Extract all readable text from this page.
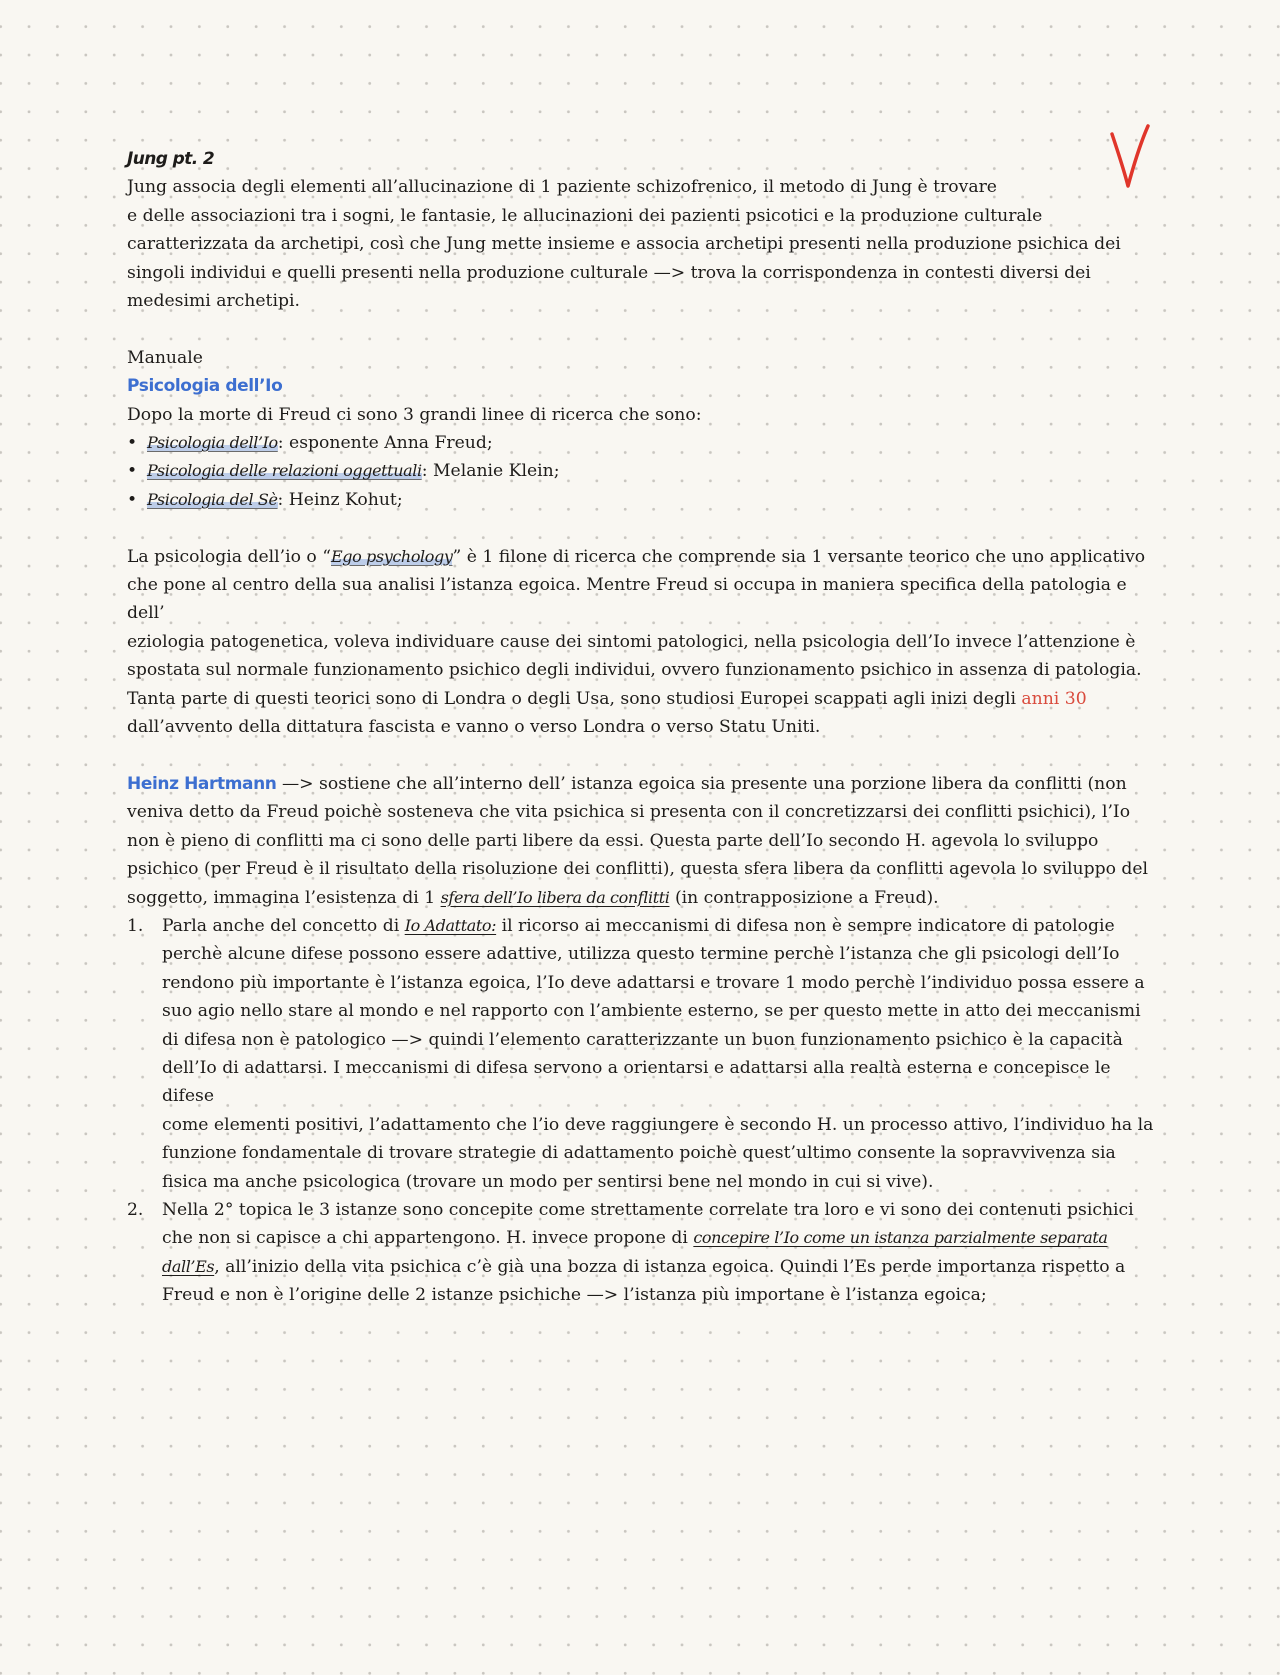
Jung pt. 2

Jung associa degli elementi all’allucinazione di 1 paziente schizofrenico, il metodo di Jung è trovare

e delle associazioni tra i sogni, le fantasie, le allucinazioni dei pazienti psicotici e la produzione culturale

caratterizzata da archetipi, così che Jung mette insieme e associa archetipi presenti nella produzione psichica dei

singoli individui e quelli presenti nella produzione culturale —> trova la corrispondenza in contesti diversi dei

medesimi archetipi.

Manuale

Psicologia dell’Io

Dopo la morte di Freud ci sono 3 grandi linee di ricerca che sono:

• Psicologia dell’Io: esponente Anna Freud;
• Psicologia delle relazioni oggettuali: Melanie Klein;
• Psicologia del Sè: Heinz Kohut;

La psicologia dell’io o “Ego psychology” è 1 filone di ricerca che comprende sia 1 versante teorico che uno applicativo

che pone al centro della sua analisi l’istanza egoica. Mentre Freud si occupa in maniera specifica della patologia e dell’

eziologia patogenetica, voleva individuare cause dei sintomi patologici, nella psicologia dell’Io invece l’attenzione è

spostata sul normale funzionamento psichico degli individui, ovvero funzionamento psichico in assenza di patologia.

Tanta parte di questi teorici sono di Londra o degli Usa, sono studiosi Europei scappati agli inizi degli anni 30

dall’avvento della dittatura fascista e vanno o verso Londra o verso Statu Uniti.

Heinz Hartmann —> sostiene che all’interno dell’ istanza egoica sia presente una porzione libera da conflitti (non

veniva detto da Freud poichè sosteneva che vita psichica si presenta con il concretizzarsi dei conflitti psichici), l’Io

non è pieno di conflitti ma ci sono delle parti libere da essi. Questa parte dell’Io secondo H. agevola lo sviluppo

psichico (per Freud è il risultato della risoluzione dei conflitti), questa sfera libera da conflitti agevola lo sviluppo del

soggetto, immagina l’esistenza di 1 sfera dell’Io libera da conflitti (in contrapposizione a Freud).

1. Parla anche del concetto di Io Adattato: il ricorso ai meccanismi di difesa non è sempre indicatore di patologie

perchè alcune difese possono essere adattive, utilizza questo termine perchè l’istanza che gli psicologi dell’Io

rendono più importante è l’istanza egoica, l’Io deve adattarsi e trovare 1 modo perchè l’individuo possa essere a

suo agio nello stare al mondo e nel rapporto con l’ambiente esterno, se per questo mette in atto dei meccanismi

di difesa non è patologico —> quindi l’elemento caratterizzante un buon funzionamento psichico è la capacità

dell’Io di adattarsi. I meccanismi di difesa servono a orientarsi e adattarsi alla realtà esterna e concepisce le difese

come elementi positivi, l’adattamento che l’io deve raggiungere è secondo H. un processo attivo, l’individuo ha la

funzione fondamentale di trovare strategie di adattamento poichè quest’ultimo consente la sopravvivenza sia

fisica ma anche psicologica (trovare un modo per sentirsi bene nel mondo in cui si vive).

2. Nella 2° topica le 3 istanze sono concepite come strettamente correlate tra loro e vi sono dei contenuti psichici

che non si capisce a chi appartengono. H. invece propone di concepire l’Io come un istanza parzialmente separata

dall’Es, all’inizio della vita psichica c’è già una bozza di istanza egoica. Quindi l’Es perde importanza rispetto a

Freud e non è l’origine delle 2 istanze psichiche —> l’istanza più importane è l’istanza egoica;
